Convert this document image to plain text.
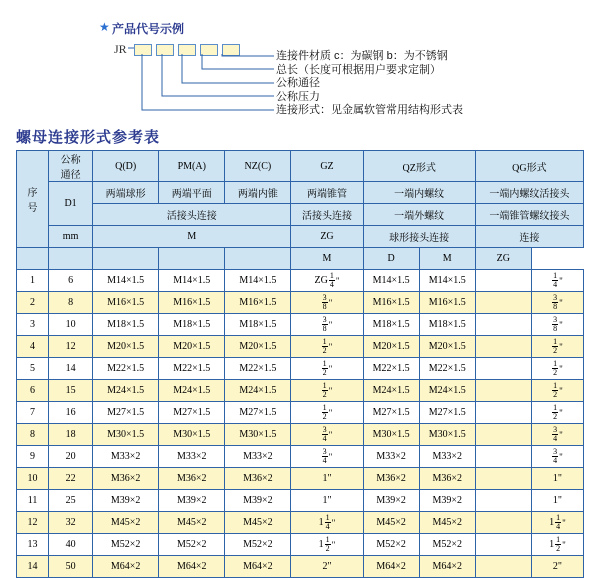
★ 产品代号示例
JR	连接件材质 c：为碳钢 b：为不锈钢
总长（长度可根据用户要求定制）
公称通径
公称压力
连接形式：见金属软管常用结构形式表
螺母连接形式参考表
序
号

公称
通径
	Q(D)	PM(A)	NZ(C)	GZ	QZ形式	QG形式
	D1	两端球形	两端平面	两端内锥	两端锥管	一端内螺纹		一端内螺纹活接头	
		活接头连接			活接头连接	一端外螺纹		一端锥管螺纹接头	
	mm	M			ZG	球形接头连接		连接	
					M	D	M	ZG	
1	6	M14×1.5	M14×1.5	M14×1.5	ZG $\frac{1}{4}$ "	M14×1.5	M14×1.5		$\frac{1}{4}$ "

2	8	M16×1.5	M16×1.5	M16×1.5	$\frac{3}{8}$ "	M16×1.5	M16×1.5		$\frac{3}{8}$ "

3	10	M18×1.5	M18×1.5	M18×1.5	$\frac{3}{8}$ "	M18×1.5	M18×1.5		$\frac{3}{8}$ "

4	12	M20×1.5	M20×1.5	M20×1.5	$\frac{1}{2}$ "	M20×1.5	M20×1.5		$\frac{1}{2}$ "

5	14	M22×1.5	M22×1.5	M22×1.5	$\frac{1}{2}$ "	M22×1.5	M22×1.5		$\frac{1}{2}$ "

6	15	M24×1.5	M24×1.5	M24×1.5	$\frac{1}{2}$ "	M24×1.5	M24×1.5		$\frac{1}{2}$ "

7	16	M27×1.5	M27×1.5	M27×1.5	$\frac{1}{2}$ "	M27×1.5	M27×1.5		$\frac{1}{2}$ "

8	18	M30×1.5	M30×1.5	M30×1.5	$\frac{3}{4}$ "	M30×1.5	M30×1.5		$\frac{3}{4}$ "

9	20	M33×2	M33×2	M33×2	$\frac{3}{4}$ "	M33×2	M33×2		$\frac{3}{4}$ "

10	22	M36×2	M36×2	M36×2	1"	M36×2	M36×2		1"
11	25	M39×2	M39×2	M39×2	1"	M39×2	M39×2		1"
12	32	M45×2	M45×2	M45×2	$1 \frac{1}{4}$ "	M45×2	M45×2		$1 \frac{1}{4}$ "

13	40	M52×2	M52×2	M52×2	$1 \frac{1}{2}$ "	M52×2	M52×2		$1 \frac{1}{2}$ "

14	50	M64×2	M64×2	M64×2	2"	M64×2	M64×2		2"
